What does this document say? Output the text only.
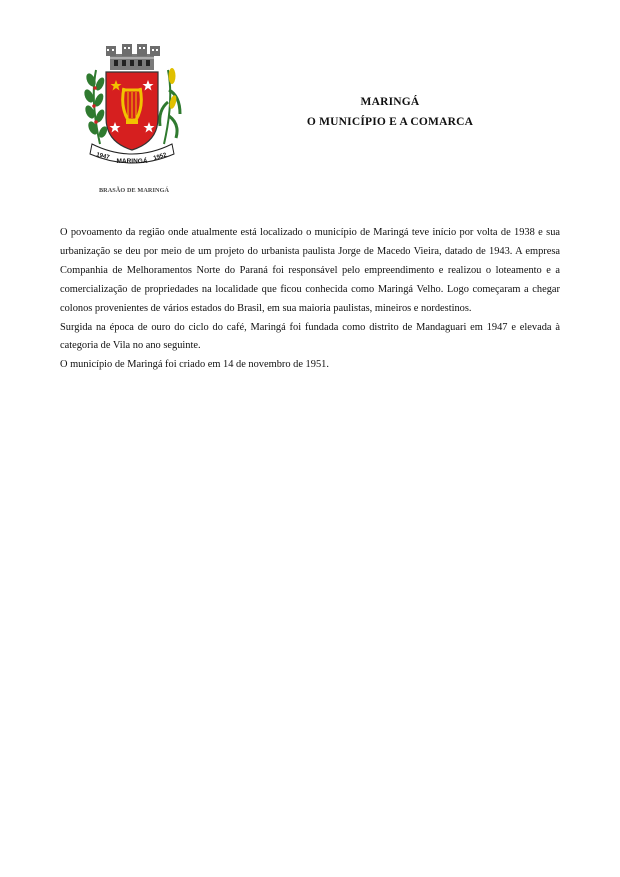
1947
MARINGÁ 1952
BRASÃO DE MARINGÁ
MARINGÁ
O MUNICÍPIO E A COMARCA

O povoamento da região onde atualmente está localizado o município de Maringá teve início por volta de 1938 e sua urbanização se deu por meio de um projeto do urbanista paulista Jorge de Macedo Vieira, datado de 1943. A empresa Companhia de Melhoramentos Norte do Paraná foi responsável pelo empreendimento e realizou o loteamento e a comercialização de propriedades na localidade que ficou conhecida como Maringá Velho. Logo começaram a chegar colonos provenientes de vários estados do Brasil, em sua maioria paulistas, mineiros e nordestinos.

Surgida na época de ouro do ciclo do café, Maringá foi fundada como distrito de Mandaguari em 1947 e elevada à categoria de Vila no ano seguinte.

O município de Maringá foi criado em 14 de novembro de 1951.
